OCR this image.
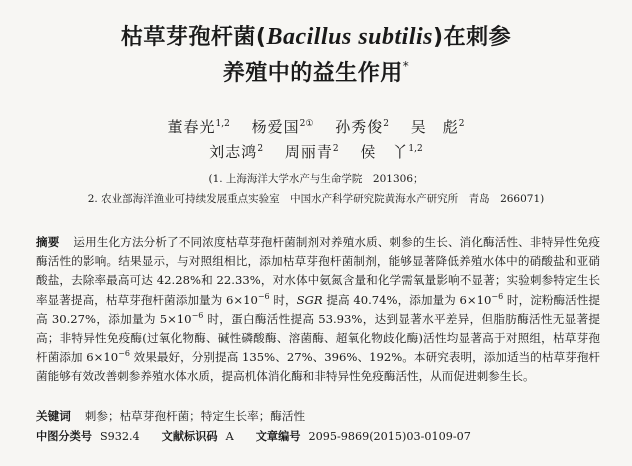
枯草芽孢杆菌(Bacillus subtilis)在刺参
养殖中的益生作用*
董春光$^{1,2}$ 杨爱国$^{2①}$ 孙秀俊$^2$ 吴　彪$^2$
刘志鸿$^2$ 周丽青$^2$ 侯　丫$^{1,2}$
(1. 上海海洋大学水产与生命学院　201306；
2. 农业部海洋渔业可持续发展重点实验室　中国水产科学研究院黄海水产研究所　青岛　266071)
摘要 运用生化方法分析了不同浓度枯草芽孢杆菌制剂对养殖水质、刺参的生长、消化酶活性、非特异性免疫酶活性的影响。结果显示，与对照组相比，添加枯草芽孢杆菌制剂，能够显著降低养殖水体中的硝酸盐和亚硝酸盐，去除率最高可达 42.28%和 22.33%，对水体中氨氮含量和化学需氧量影响不显著；实验刺参特定生长率显著提高，枯草芽孢杆菌添加量为 $6\times 10^{-6}$ 时，SGR 提高 40.74%，添加量为 $6\times 10^{-6}$ 时，淀粉酶活性提高 30.27%，添加量为 $5\times 10^{-6}$ 时，蛋白酶活性提高 53.93%，达到显著水平差异，但脂肪酶活性无显著提高；非特异性免疫酶(过氧化物酶、碱性磷酸酶、溶菌酶、超氧化物歧化酶)活性均显著高于对照组，枯草芽孢杆菌添加 $6\times 10^{-6}$ 效果最好，分别提高 135%、27%、396%、192%。本研究表明，添加适当的枯草芽孢杆菌能够有效改善刺参养殖水体水质，提高机体消化酶和非特异性免疫酶活性，从而促进刺参生长。
关键词 刺参；枯草芽孢杆菌；特定生长率；酶活性
中图分类号 S932.4 文献标识码 A 文章编号 2095-9869(2015)03-0109-07
